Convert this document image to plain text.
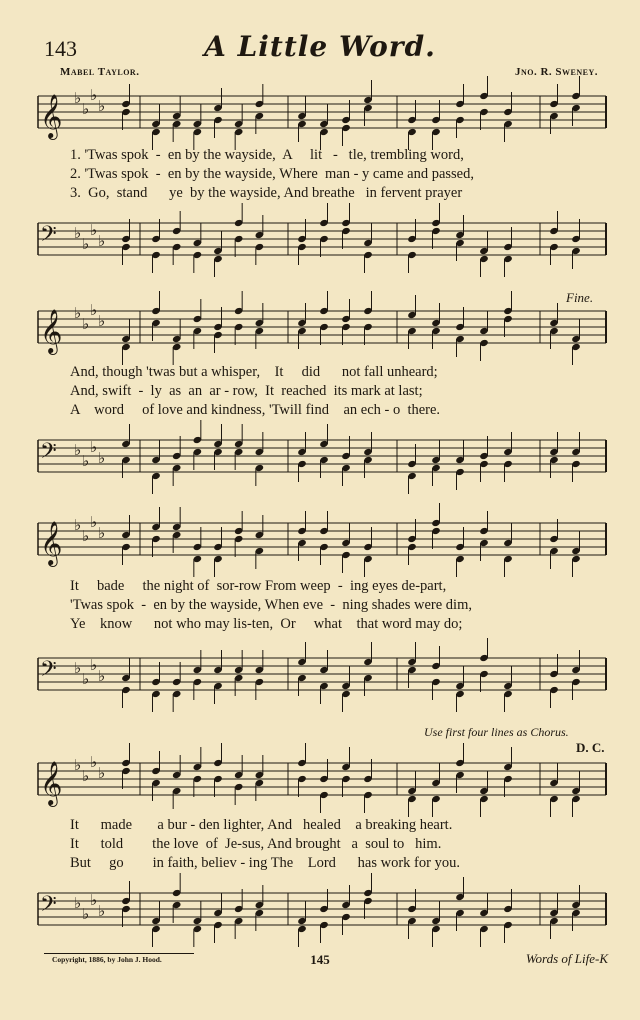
143	A Little Word.
Mabel Taylor.	Jno. R. Sweney.
𝄞 ♭
♭
♭
♭
1. 'Twas spok  -  en by the wayside,  A     lit   -   tle, trembling word,
2. 'Twas spok  -  en by the wayside, Where  man - y came and passed,
3.  Go,  stand      ye  by the wayside, And breathe   in fervent prayer
𝄢 ♭
♭
♭
♭
Fine.
𝄞 ♭
♭
♭
♭
And, though 'twas but a whisper,    It     did      not fall unheard;
And, swift  -  ly  as  an  ar - row,  It  reached  its mark at last;
A    word     of love and kindness, 'Twill find    an ech - o  there.
𝄢 ♭
♭
♭
♭
𝄞 ♭
♭
♭
♭
It     bade     the night of  sor-row From weep  -  ing eyes de-part,
'Twas spok  -  en by the wayside, When eve  -  ning shades were dim,
Ye    know      not who may lis-ten,  Or     what    that word may do;
𝄢 ♭
♭
♭
♭
Use first four lines as Chorus.
D. C.
𝄞 ♭
♭
♭
♭
It      made       a bur - den lighter, And   healed    a breaking heart.
It      told        the love  of  Je-sus, And brought   a  soul to   him.
But     go        in faith, believ - ing The    Lord      has work for you.
𝄢 ♭
♭
♭
♭
Copyright, 1886, by John J. Hood.	145	Words of Life-K
